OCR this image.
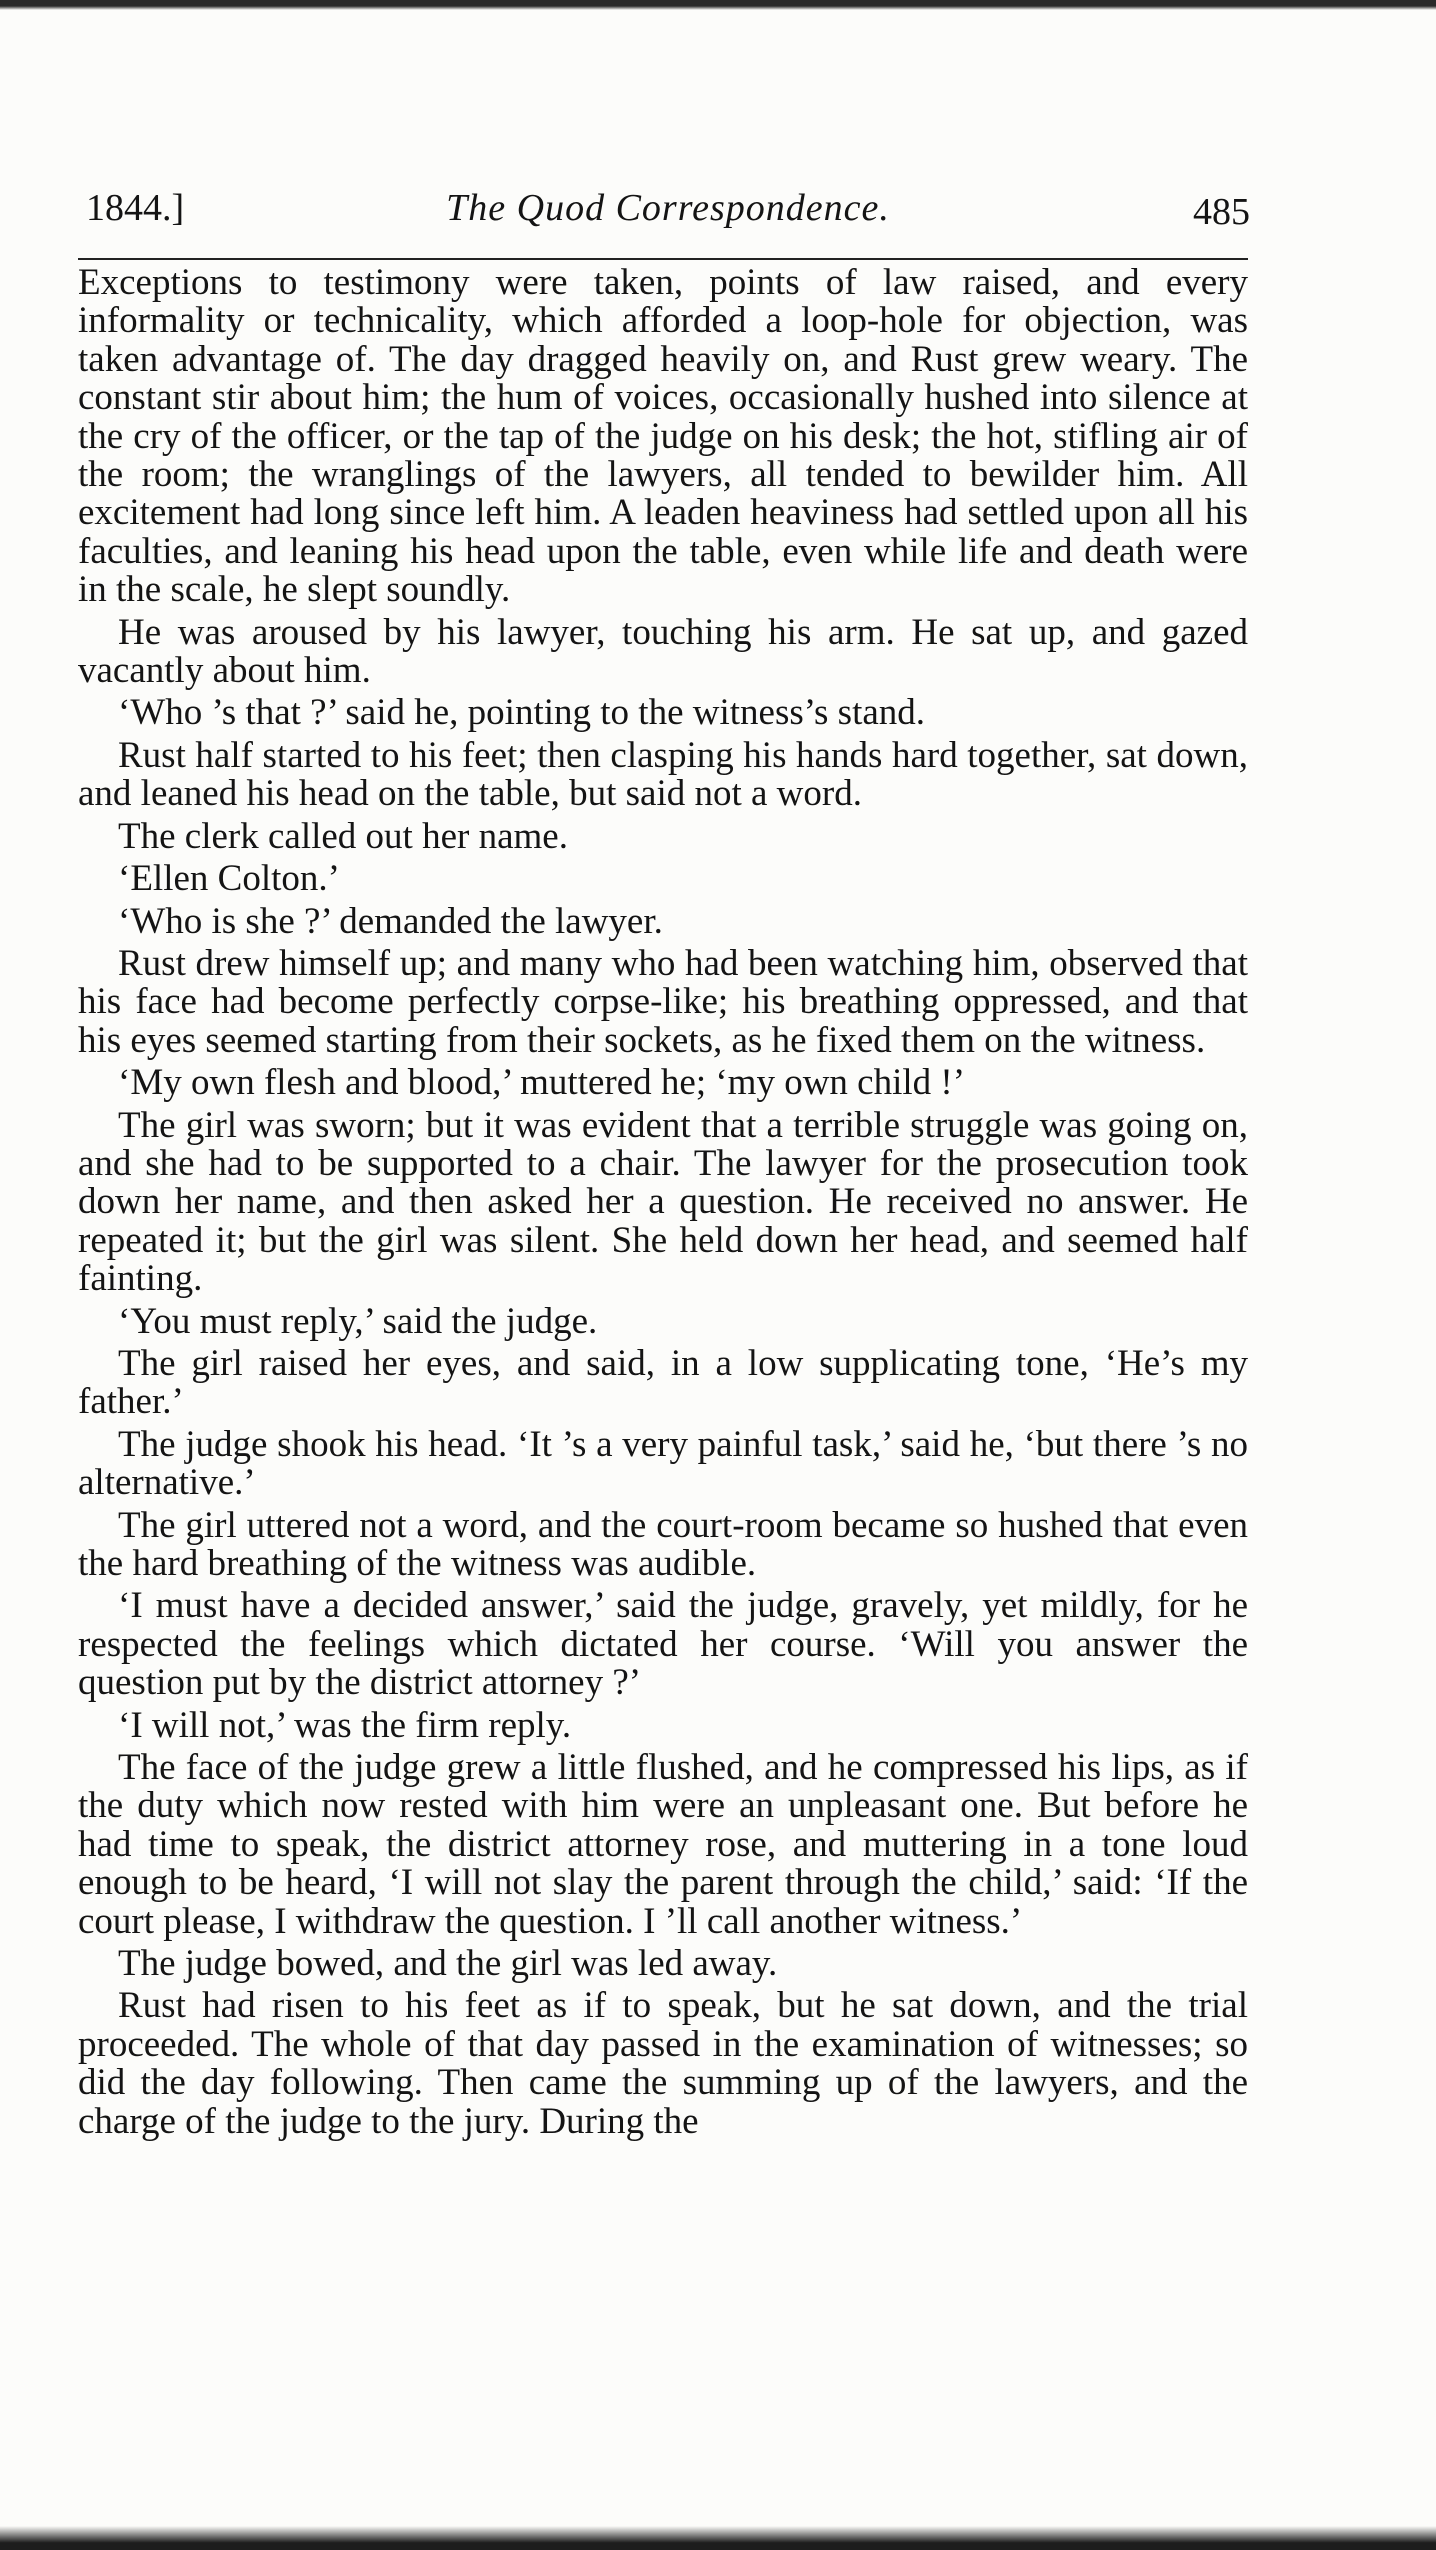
1844.]	The Quod Correspondence.	485

Exceptions to testimony were taken, points of law raised, and every informality or technicality, which afforded a loop-hole for objection, was taken advantage of. The day dragged heavily on, and Rust grew weary. The constant stir about him; the hum of voices, occasionally hushed into silence at the cry of the officer, or the tap of the judge on his desk; the hot, stifling air of the room; the wranglings of the lawyers, all tended to bewilder him. All excitement had long since left him. A leaden heaviness had settled upon all his faculties, and leaning his head upon the table, even while life and death were in the scale, he slept soundly.

He was aroused by his lawyer, touching his arm. He sat up, and gazed vacantly about him.

‘Who ’s that ?’ said he, pointing to the witness’s stand.

Rust half started to his feet; then clasping his hands hard together, sat down, and leaned his head on the table, but said not a word.

The clerk called out her name.

‘Ellen Colton.’

‘Who is she ?’ demanded the lawyer.

Rust drew himself up; and many who had been watching him, observed that his face had become perfectly corpse-like; his breathing oppressed, and that his eyes seemed starting from their sockets, as he fixed them on the witness.

‘My own flesh and blood,’ muttered he; ‘my own child !’

The girl was sworn; but it was evident that a terrible struggle was going on, and she had to be supported to a chair. The lawyer for the prosecution took down her name, and then asked her a question. He received no answer. He repeated it; but the girl was silent. She held down her head, and seemed half fainting.

‘You must reply,’ said the judge.

The girl raised her eyes, and said, in a low supplicating tone, ‘He’s my father.’

The judge shook his head. ‘It ’s a very painful task,’ said he, ‘but there ’s no alternative.’

The girl uttered not a word, and the court-room became so hushed that even the hard breathing of the witness was audible.

‘I must have a decided answer,’ said the judge, gravely, yet mildly, for he respected the feelings which dictated her course. ‘Will you answer the question put by the district attorney ?’

‘I will not,’ was the firm reply.

The face of the judge grew a little flushed, and he compressed his lips, as if the duty which now rested with him were an unpleasant one. But before he had time to speak, the district attorney rose, and muttering in a tone loud enough to be heard, ‘I will not slay the parent through the child,’ said: ‘If the court please, I withdraw the question. I ’ll call another witness.’

The judge bowed, and the girl was led away.

Rust had risen to his feet as if to speak, but he sat down, and the trial proceeded. The whole of that day passed in the examination of witnesses; so did the day following. Then came the summing up of the lawyers, and the charge of the judge to the jury. During the
